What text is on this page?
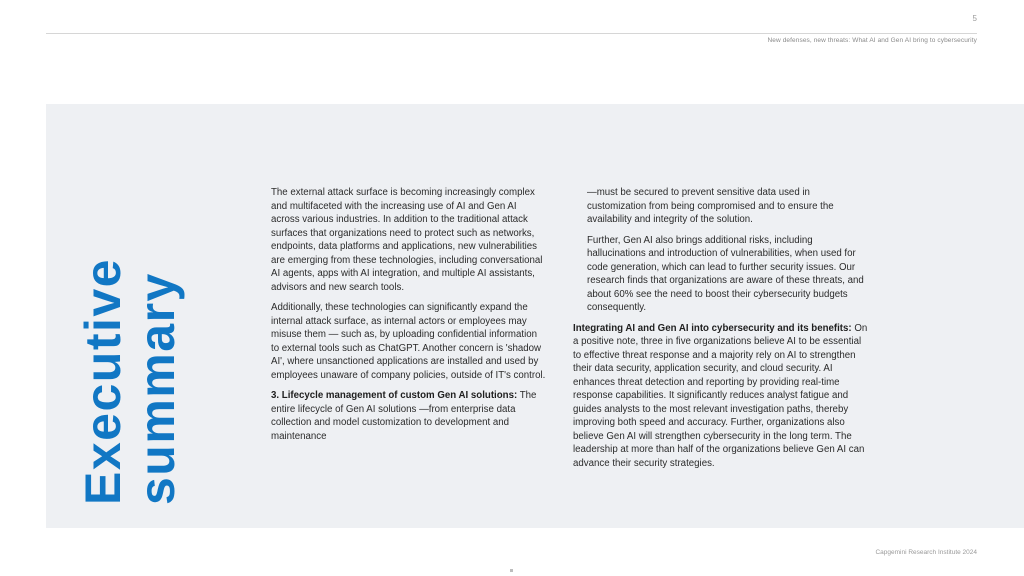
5
New defenses, new threats: What AI and Gen AI bring to cybersecurity
Executive
summary

The external attack surface is becoming increasingly complex and multifaceted with the increasing use of AI and Gen AI across various industries. In addition to the traditional attack surfaces that organizations need to protect such as networks, endpoints, data platforms and applications, new vulnerabilities are emerging from these technologies, including conversational AI agents, apps with AI integration, and multiple AI assistants, advisors and new search tools.

Additionally, these technologies can significantly expand the internal attack surface, as internal actors or employees may misuse them — such as, by uploading confidential information to external tools such as ChatGPT. Another concern is 'shadow AI', where unsanctioned applications are installed and used by employees unaware of company policies, outside of IT's control.

3. Lifecycle management of custom Gen AI solutions: The entire lifecycle of Gen AI solutions —from enterprise data collection and model customization to development and maintenance

—must be secured to prevent sensitive data used in customization from being compromised and to ensure the availability and integrity of the solution.

Further, Gen AI also brings additional risks, including hallucinations and introduction of vulnerabilities, when used for code generation, which can lead to further security issues. Our research finds that organizations are aware of these threats, and about 60% see the need to boost their cybersecurity budgets consequently.

Integrating AI and Gen AI into cybersecurity and its benefits: On a positive note, three in five organizations believe AI to be essential to effective threat response and a majority rely on AI to strengthen their data security, application security, and cloud security. AI enhances threat detection and reporting by providing real-time response capabilities. It significantly reduces analyst fatigue and guides analysts to the most relevant investigation paths, thereby improving both speed and accuracy. Further, organizations also believe Gen AI will strengthen cybersecurity in the long term. The leadership at more than half of the organizations believe Gen AI can advance their security strategies.

Capgemini Research Institute 2024
